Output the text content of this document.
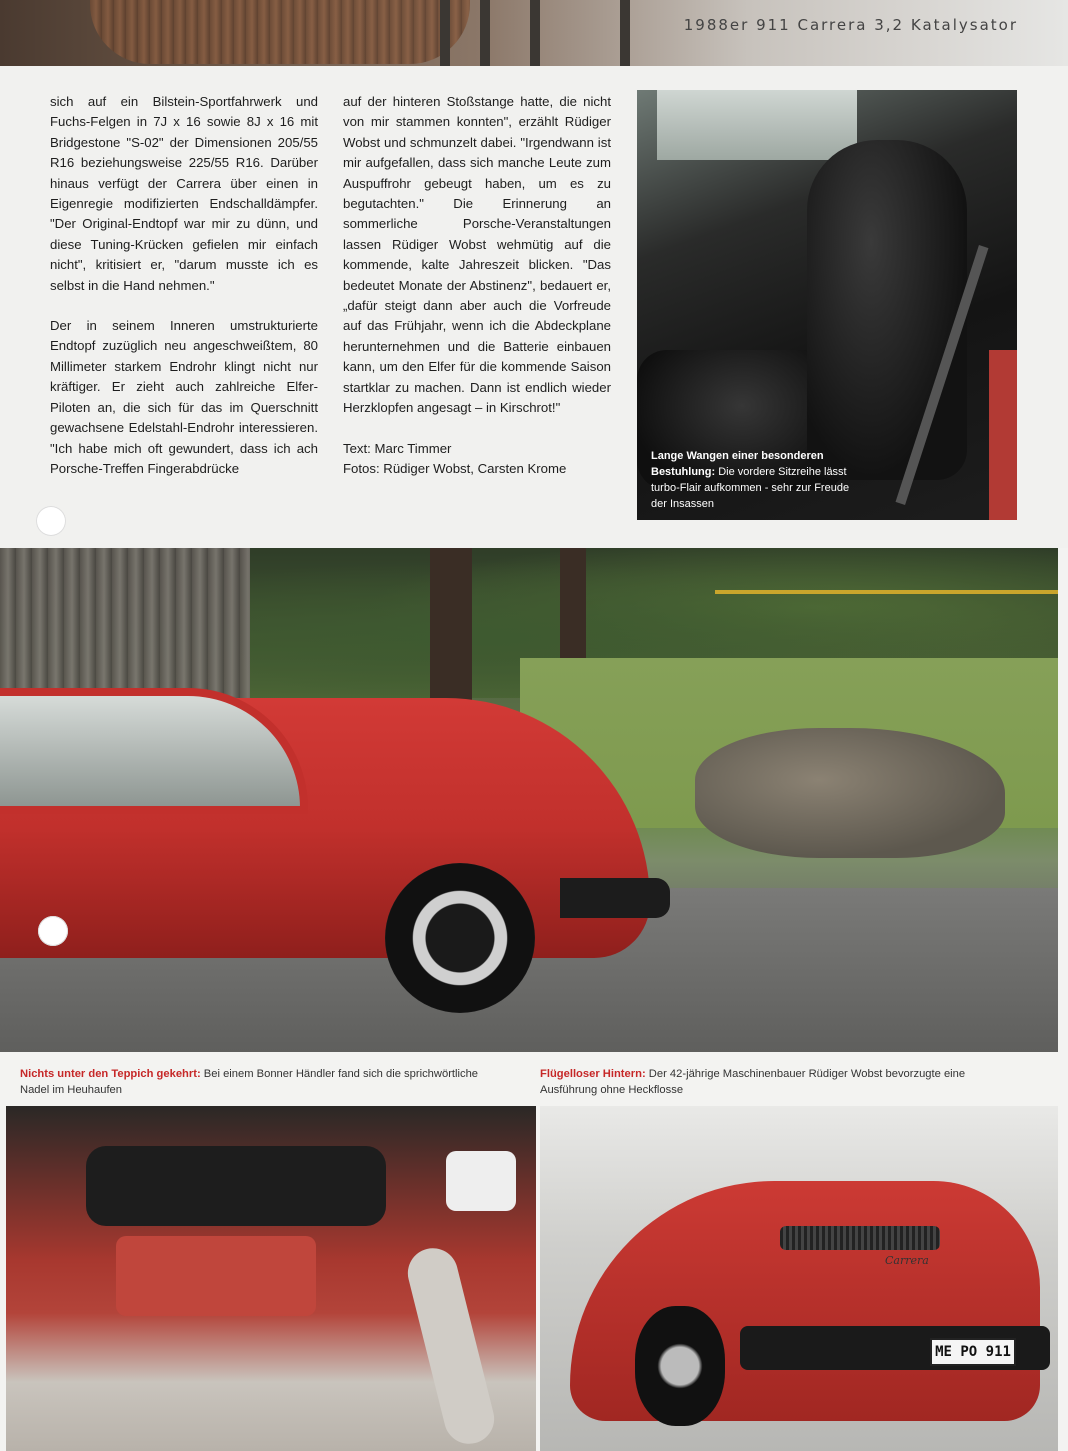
1988er 911 Carrera 3,2 Katalysator

sich auf ein Bilstein-Sportfahrwerk und Fuchs-Felgen in 7J x 16 sowie 8J x 16 mit Bridgestone "S-02" der Dimensionen 205/55 R16 beziehungsweise 225/55 R16. Darüber hinaus verfügt der Carrera über einen in Eigenregie modifizierten Endschalldämpfer. "Der Original-Endtopf war mir zu dünn, und diese Tuning-Krücken gefielen mir einfach nicht", kritisiert er, "darum musste ich es selbst in die Hand nehmen."

Der in seinem Inneren umstrukturierte Endtopf zuzüglich neu angeschweißtem, 80 Millimeter starkem Endrohr klingt nicht nur kräftiger. Er zieht auch zahlreiche Elfer-Piloten an, die sich für das im Querschnitt gewachsene Edelstahl-Endrohr interessieren. "Ich habe mich oft gewundert, dass ich ach Porsche-Treffen Fingerabdrücke

auf der hinteren Stoßstange hatte, die nicht von mir stammen konnten", erzählt Rüdiger Wobst und schmunzelt dabei. "Irgendwann ist mir aufgefallen, dass sich manche Leute zum Auspuffrohr gebeugt haben, um es zu begutachten." Die Erinnerung an sommerliche Porsche-Veranstaltungen lassen Rüdiger Wobst wehmütig auf die kommende, kalte Jahreszeit blicken. "Das bedeutet Monate der Abstinenz", bedauert er, „dafür steigt dann aber auch die Vorfreude auf das Frühjahr, wenn ich die Abdeckplane herunternehmen und die Batterie einbauen kann, um den Elfer für die kommende Saison startklar zu machen. Dann ist endlich wieder Herzklopfen angesagt – in Kirschrot!"

Text: Marc Timmer
Fotos: Rüdiger Wobst, Carsten Krome
Lange Wangen einer besonderen Bestuhlung: Die vordere Sitzreihe lässt turbo-Flair aufkommen - sehr zur Freude der Insassen
Nichts unter den Teppich gekehrt: Bei einem Bonner Händler fand sich die sprichwörtliche Nadel im Heuhaufen
Flügelloser Hintern: Der 42-jährige Maschinenbauer Rüdiger Wobst bevorzugte eine Ausführung ohne Heckflosse
Carrera
ME PO 911
